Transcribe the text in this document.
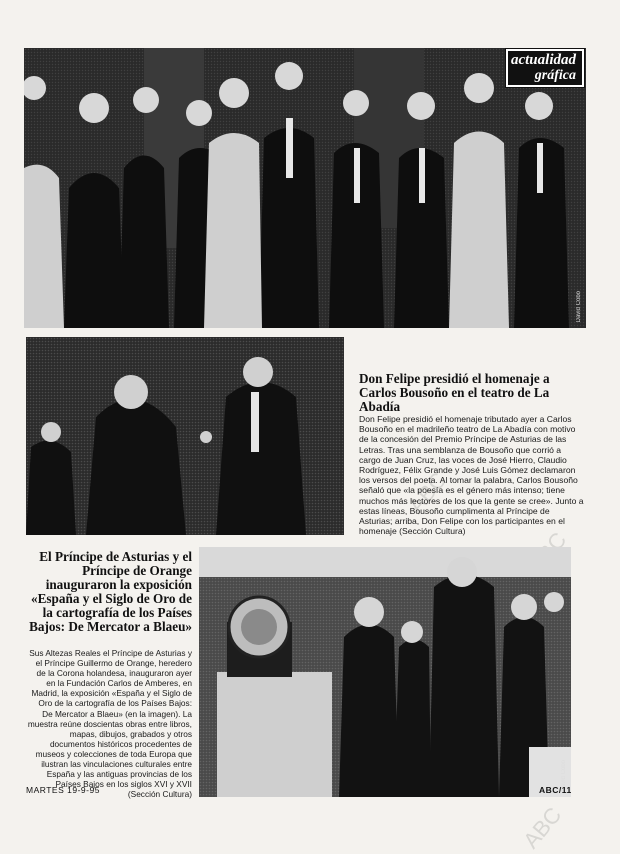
ABC
ABC
David Cobo
actualidad
gráfica
Don Felipe presidió el homenaje a Carlos Bousoño en el teatro de La Abadía

Don Felipe presidió el homenaje tributado ayer a Carlos Bousoño en el madrileño teatro de La Abadía con motivo de la concesión del Premio Príncipe de Asturias de las Letras. Tras una semblanza de Bousoño que corrió a cargo de Juan Cruz, las voces de José Hierro, Claudio Rodríguez, Félix Grande y José Luis Gómez declamaron los versos del poeta. Al tomar la palabra, Carlos Bousoño señaló que «la poesía es el género más intenso; tiene muchos más lectores de los que la gente se cree». Junto a estas líneas, Bousoño cumplimenta al Príncipe de Asturias; arriba, Don Felipe con los participantes en el homenaje (Sección Cultura)

El Príncipe de Asturias y el Príncipe de Orange inauguraron la exposición «España y el Siglo de Oro de la cartografía de los Países Bajos: De Mercator a Blaeu»

Sus Altezas Reales el Príncipe de Asturias y el Príncipe Guillermo de Orange, heredero de la Corona holandesa, inauguraron ayer en la Fundación Carlos de Amberes, en Madrid, la exposición «España y el Siglo de Oro de la cartografía de los Países Bajos: De Mercator a Blaeu» (en la imagen). La muestra reúne doscientas obras entre libros, mapas, dibujos, grabados y otros documentos históricos procedentes de museos y colecciones de toda Europa que ilustran las vinculaciones culturales entre España y las antiguas provincias de los Países Bajos en los siglos XVI y XVII (Sección Cultura)

David Cobo
MARTES 19-9-95	ABC/11
